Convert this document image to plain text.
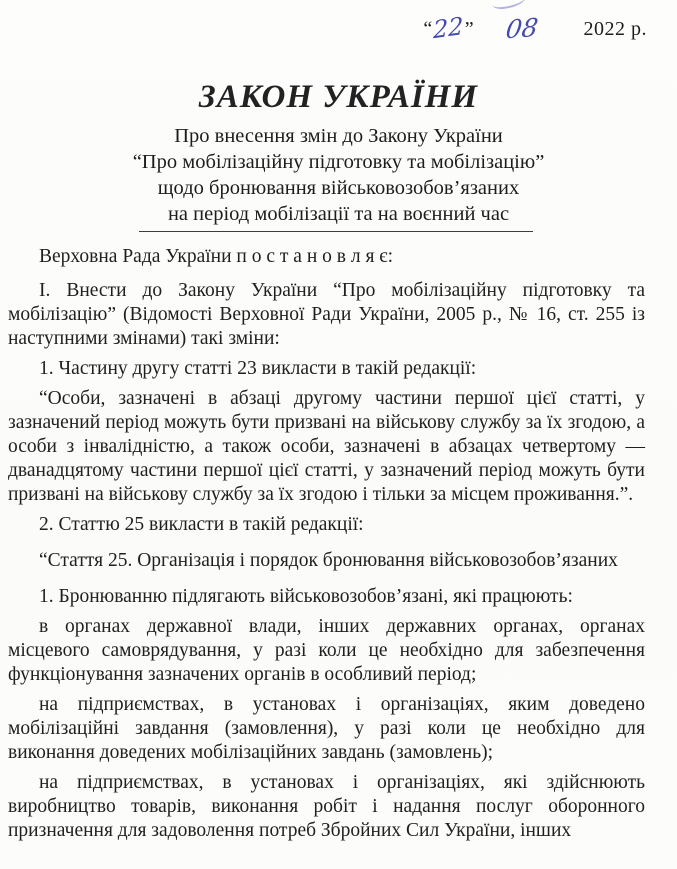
“ 22 ” 08 2022 р.
ЗАКОН УКРАЇНИ
Про внесення змін до Закону України
“Про мобілізаційну підготовку та мобілізацію”
щодо бронювання військовозобов’язаних
на період мобілізації та на воєнний час

Верховна Рада України п о с т а н о в л я є:

І. Внести до Закону України “Про мобілізаційну підготовку та мобілізацію” (Відомості Верховної Ради України, 2005 р., № 16, ст. 255 із наступними змінами) такі зміни:

1. Частину другу статті 23 викласти в такій редакції:

“Особи, зазначені в абзаці другому частини першої цієї статті, у зазначений період можуть бути призвані на військову службу за їх згодою, а особи з інвалідністю, а також особи, зазначені в абзацах четвертому — дванадцятому частини першої цієї статті, у зазначений період можуть бути призвані на військову службу за їх згодою і тільки за місцем проживання.”.

2. Статтю 25 викласти в такій редакції:

“Стаття 25. Організація і порядок бронювання військовозобов’язаних

1. Бронюванню підлягають військовозобов’язані, які працюють:

в органах державної влади, інших державних органах, органах місцевого самоврядування, у разі коли це необхідно для забезпечення функціонування зазначених органів в особливий період;

на підприємствах, в установах і організаціях, яким доведено мобілізаційні завдання (замовлення), у разі коли це необхідно для виконання доведених мобілізаційних завдань (замовлень);

на підприємствах, в установах і організаціях, які здійснюють виробництво товарів, виконання робіт і надання послуг оборонного призначення для задоволення потреб Збройних Сил України, інших
